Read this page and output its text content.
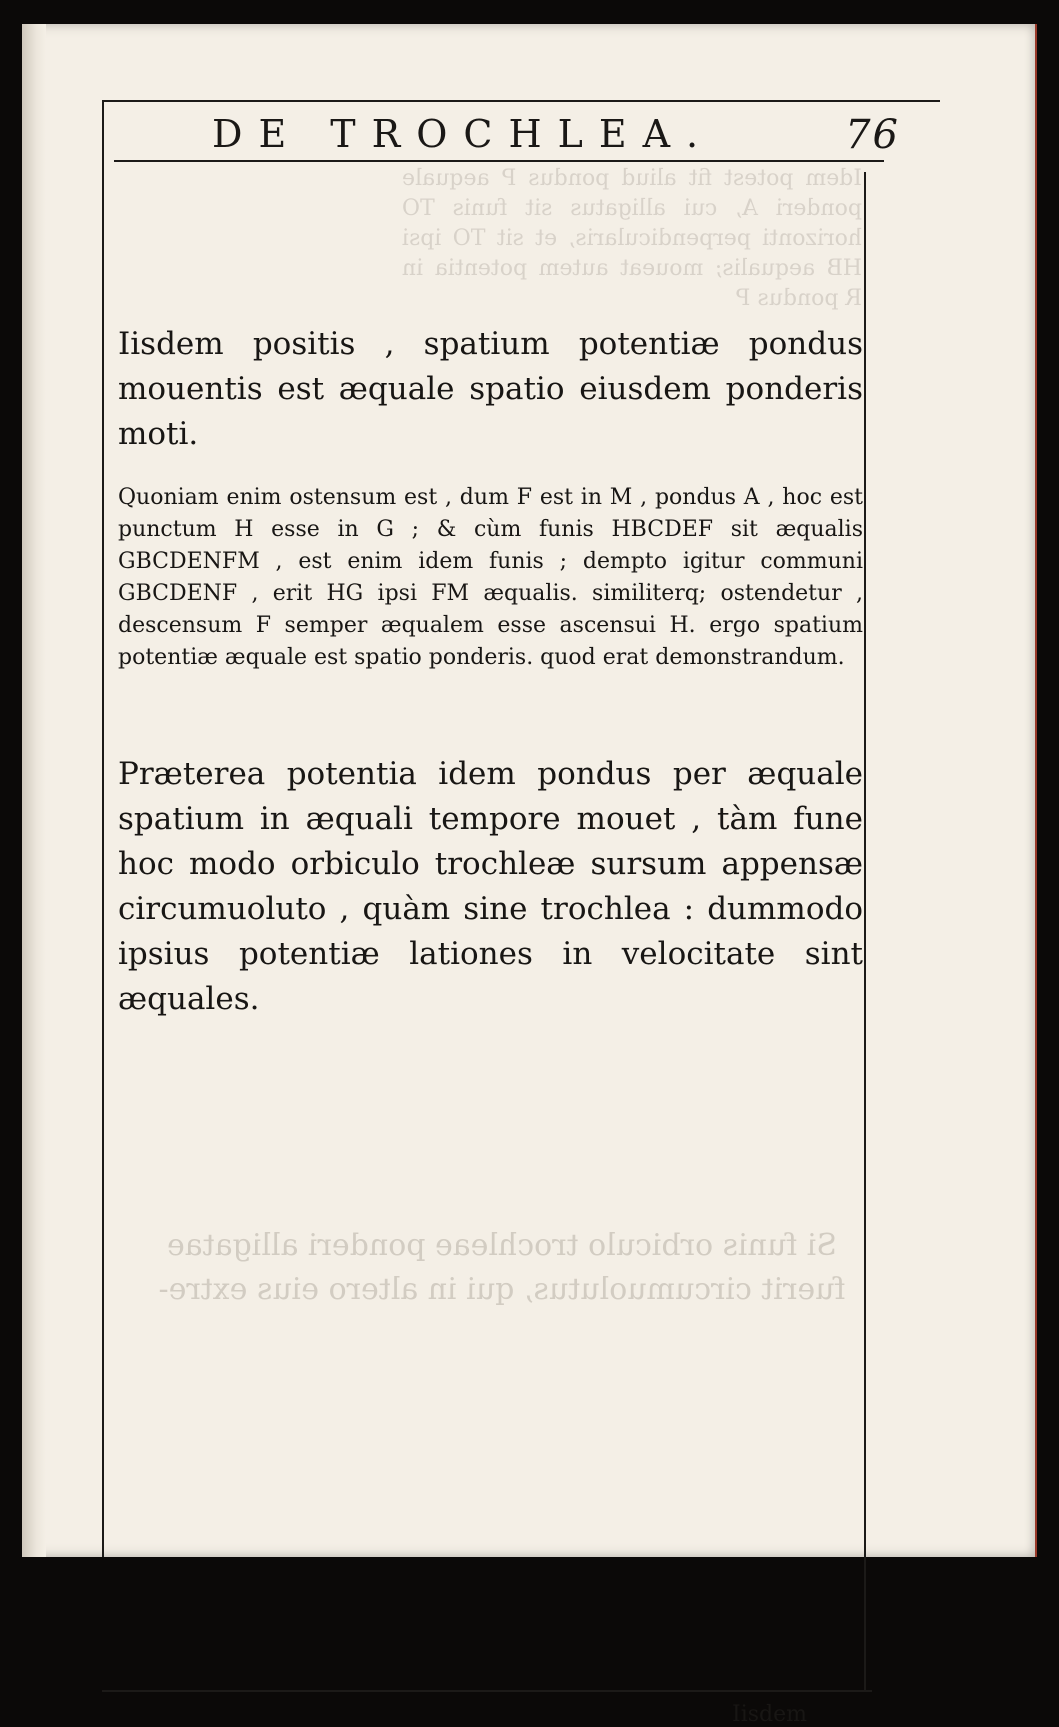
Idem potest fit aliud pondus P aequale ponderi A, cui alligatus sit funis TO horizonti perpendicularis, et sit TO ipsi HB aequalis; moueat autem potentia in R pondus P
Si funis orbiculo trochleae ponderi alligatae fuerit circumuolutus, qui in altero eius extre-
DE TROCHLEA.	76
Iisdem positis , spatium potentiæ pondus mouentis est æquale spatio eiusdem ponderis moti.
Quoniam enim ostensum est , dum F est in M , pondus A , hoc est punctum H esse in G ; & cùm funis HBCDEF sit æqualis GBCDENFM , est enim idem funis ; dempto igitur communi GBCDENF , erit HG ipsi FM æqualis. similiterq; ostendetur , descensum F semper æqualem esse ascensui H. ergo spatium potentiæ æquale est spatio ponderis. quod erat demonstrandum.
Præterea potentia idem pondus per æquale spatium in æquali tempore mouet , tàm fune hoc modo orbiculo trochleæ sursum appensæ circumuoluto , quàm sine trochlea : dummodo ipsius potentiæ lationes in velocitate sint æquales.
Iisdem
